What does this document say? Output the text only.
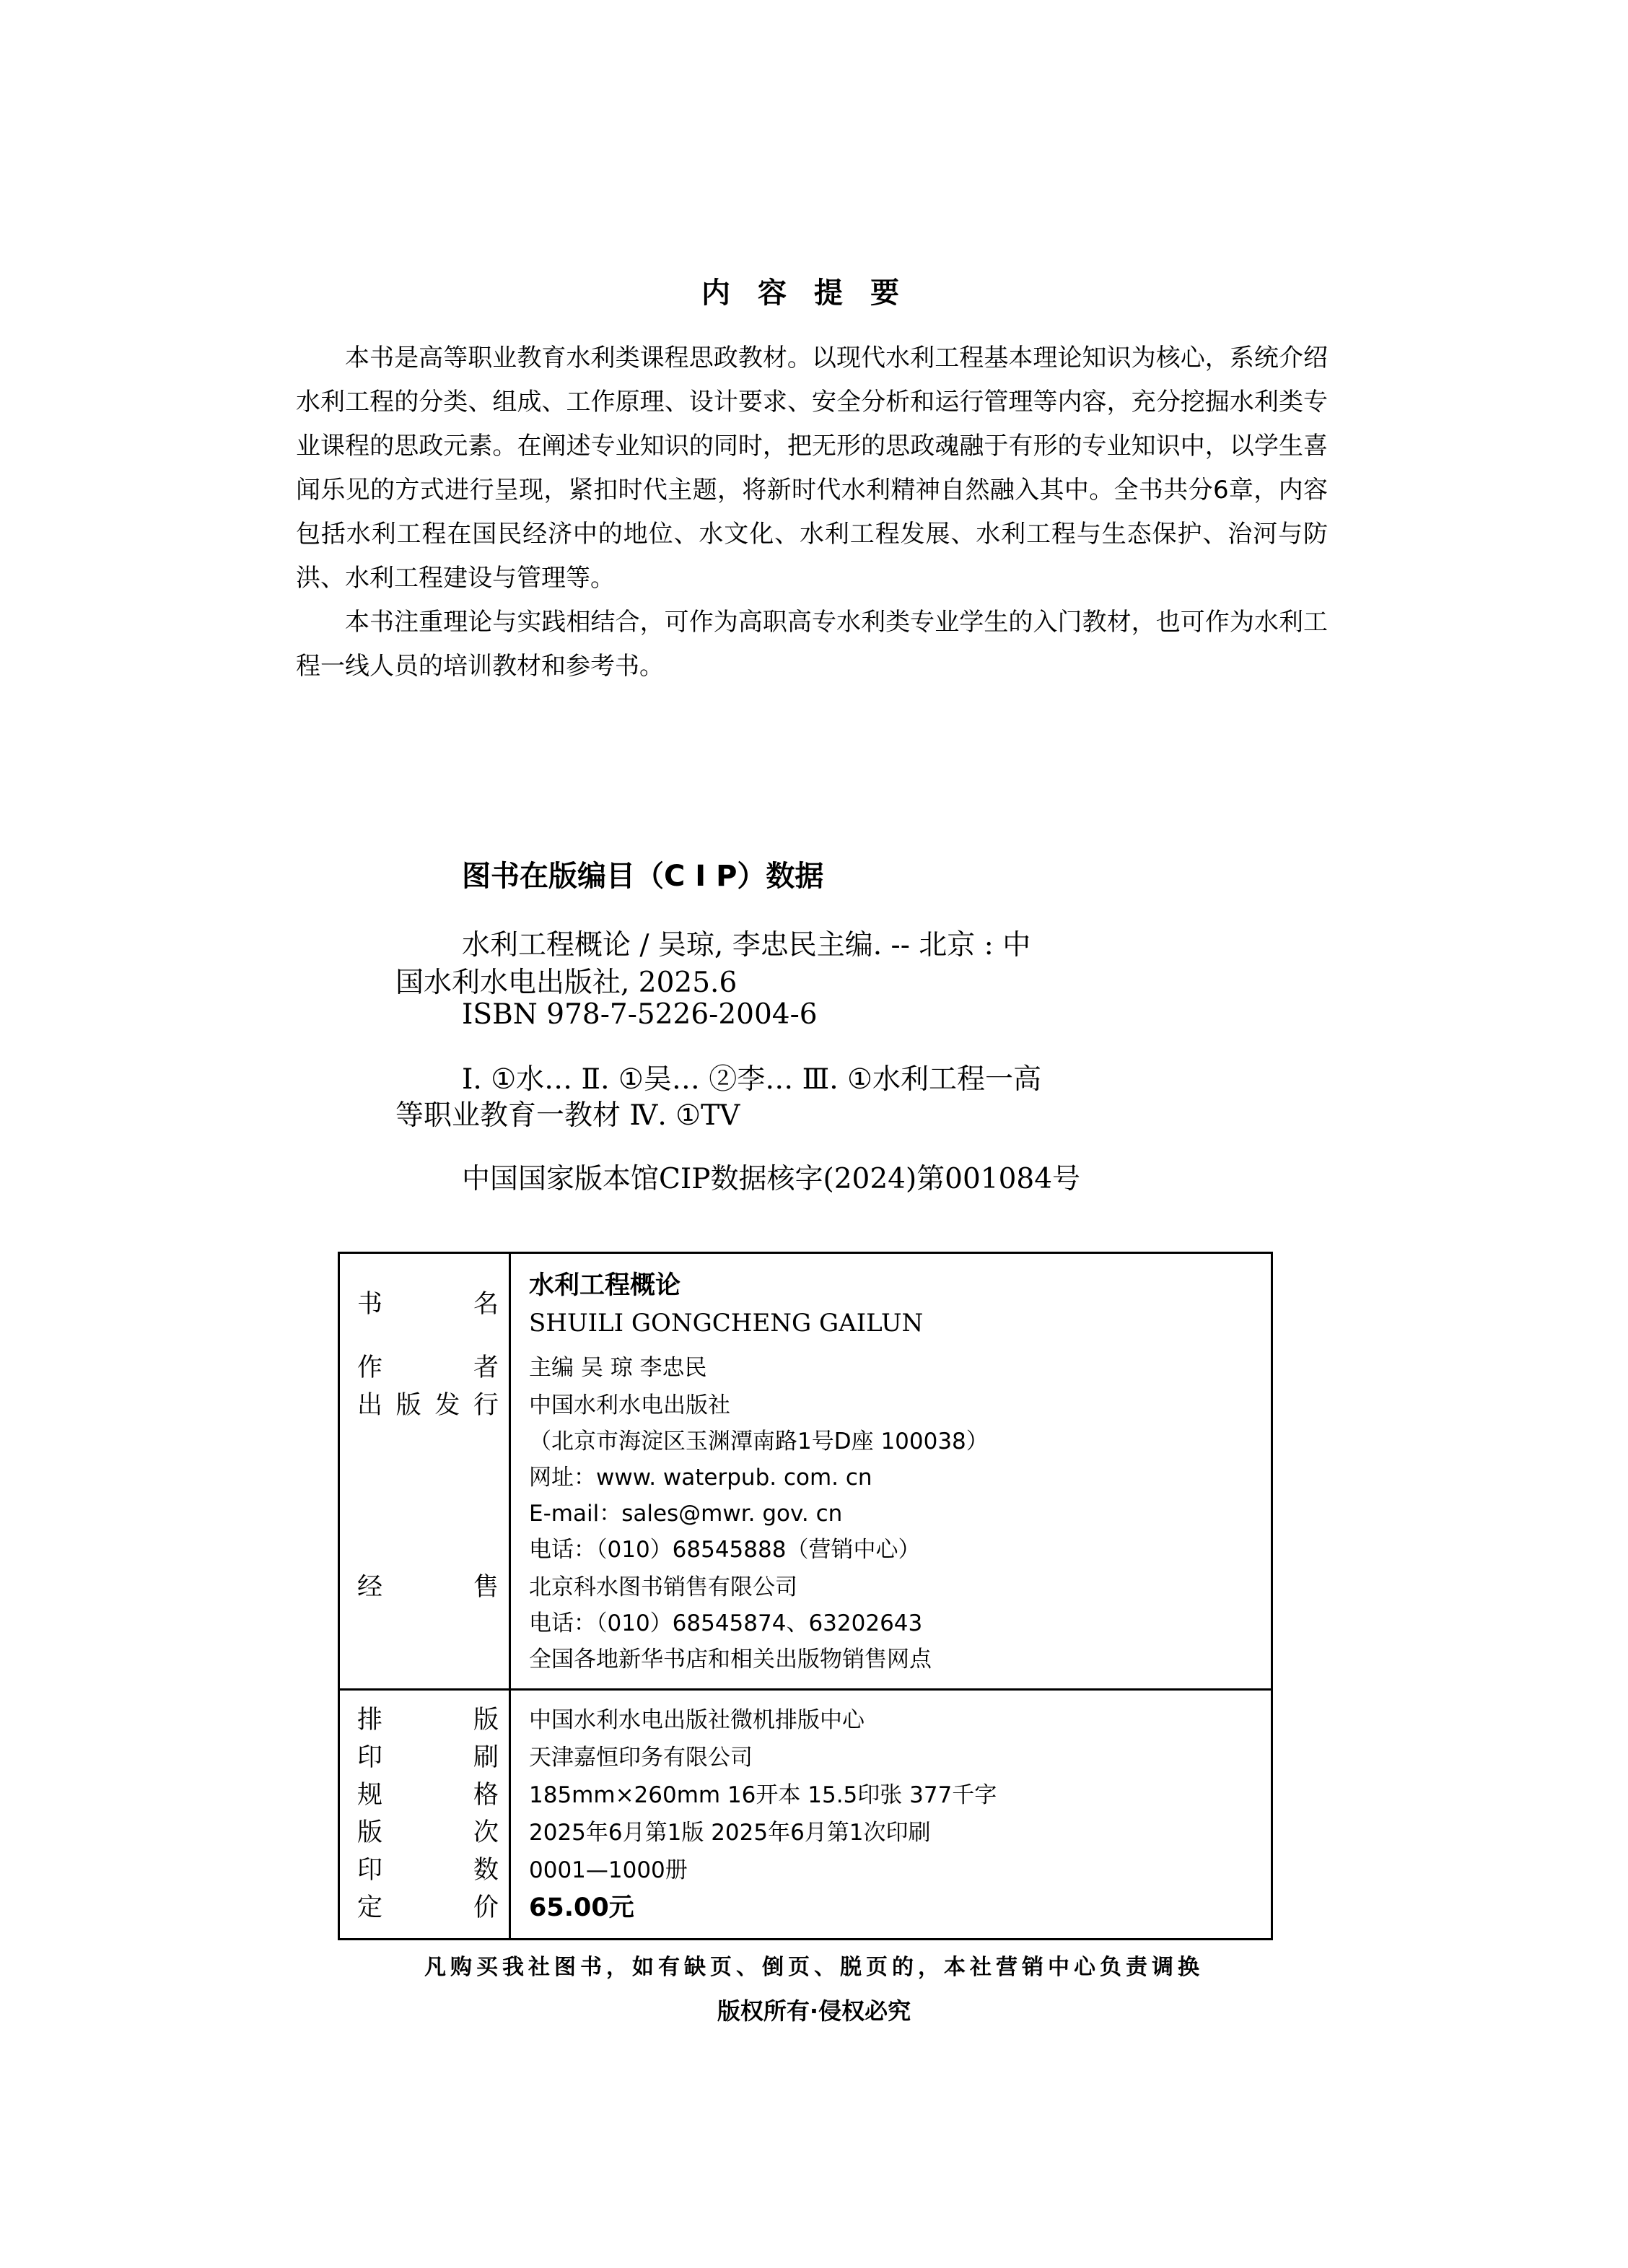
内容提要

本书是高等职业教育水利类课程思政教材。以现代水利工程基本理论知识为核心，系统介绍水利工程的分类、组成、工作原理、设计要求、安全分析和运行管理等内容，充分挖掘水利类专业课程的思政元素。在阐述专业知识的同时，把无形的思政魂融于有形的专业知识中，以学生喜闻乐见的方式进行呈现，紧扣时代主题，将新时代水利精神自然融入其中。全书共分6章，内容包括水利工程在国民经济中的地位、水文化、水利工程发展、水利工程与生态保护、治河与防洪、水利工程建设与管理等。

本书注重理论与实践相结合，可作为高职高专水利类专业学生的入门教材，也可作为水利工程一线人员的培训教材和参考书。

图书在版编目（C I P）数据
水利工程概论 / 吴琼, 李忠民主编. -- 北京 : 中
国水利水电出版社, 2025.6
ISBN 978-7-5226-2004-6
Ⅰ. ①水… Ⅱ. ①吴… ②李… Ⅲ. ①水利工程一高
等职业教育一教材 Ⅳ. ①TV
中国国家版本馆CIP数据核字(2024)第001084号
书名
水利工程概论
SHUILI GONGCHENG GAILUN
作者 主编 吴 琼 李忠民
出版发行 中国水利水电出版社
（北京市海淀区玉渊潭南路1号D座 100038）
网址：www. waterpub. com. cn
E-mail：sales@mwr. gov. cn
电话：（010）68545888（营销中心）
经售 北京科水图书销售有限公司
电话：（010）68545874、63202643
全国各地新华书店和相关出版物销售网点
排版 中国水利水电出版社微机排版中心
印刷 天津嘉恒印务有限公司
规格 185mm×260mm 16开本 15.5印张 377千字
版次 2025年6月第1版 2025年6月第1次印刷
印数 0001—1000册
定价 65.00元
凡购买我社图书，如有缺页、倒页、脱页的，本社营销中心负责调换
版权所有·侵权必究
